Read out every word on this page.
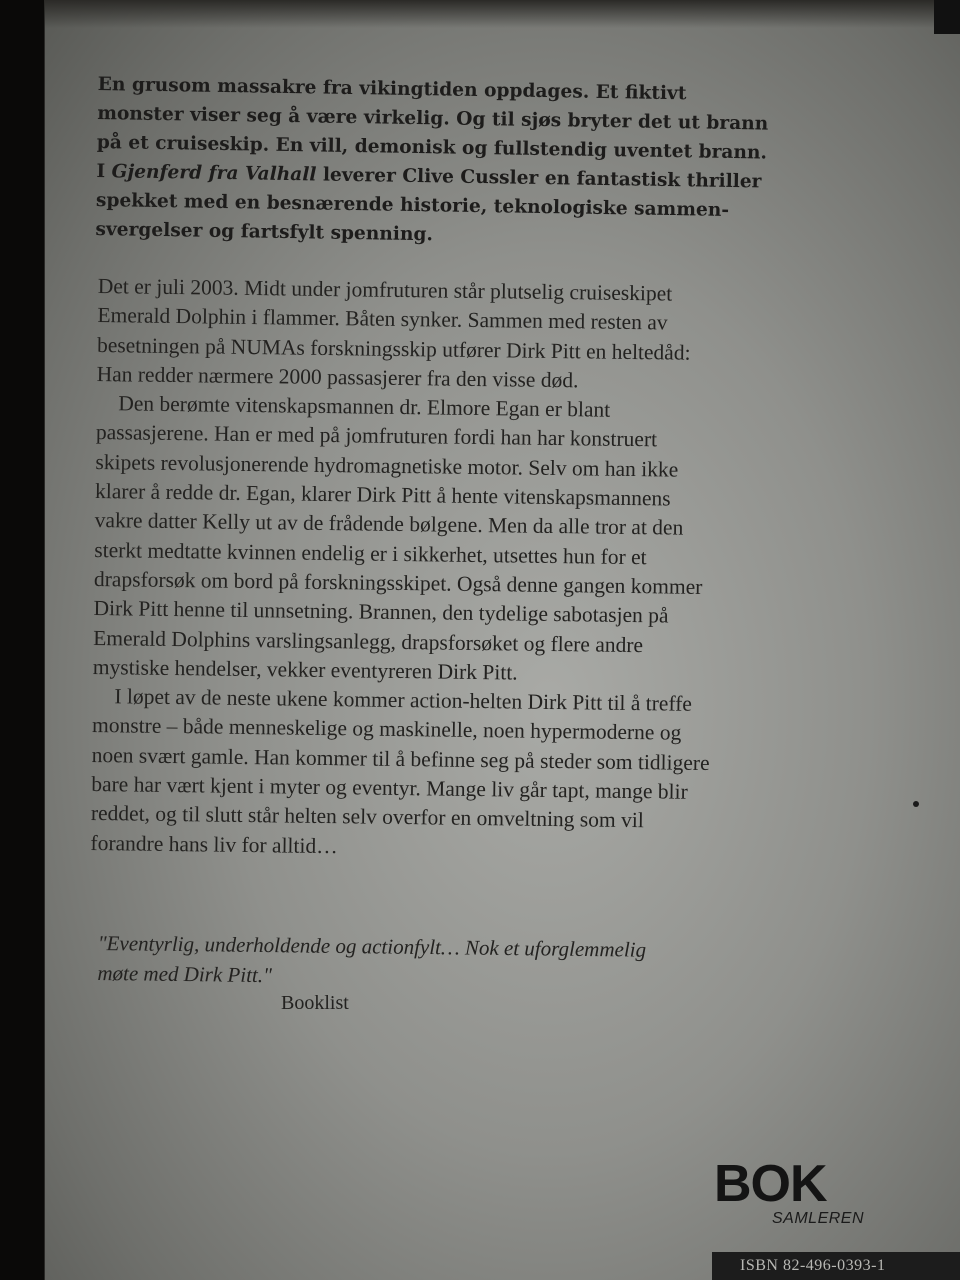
En grusom massakre fra vikingtiden oppdages. Et fiktivt
monster viser seg å være virkelig. Og til sjøs bryter det ut brann
på et cruiseskip. En vill, demonisk og fullstendig uventet brann.
I Gjenferd fra Valhall leverer Clive Cussler en fantastisk thriller
spekket med en besnærende historie, teknologiske sammen-
svergelser og fartsfylt spenning.

Det er juli 2003. Midt under jomfruturen står plutselig cruiseskipet
Emerald Dolphin i flammer. Båten synker. Sammen med resten av
besetningen på NUMAs forskningsskip utfører Dirk Pitt en heltedåd:
Han redder nærmere 2000 passasjerer fra den visse død.

Den berømte vitenskapsmannen dr. Elmore Egan er blant
passasjerene. Han er med på jomfruturen fordi han har konstruert
skipets revolusjonerende hydromagnetiske motor. Selv om han ikke
klarer å redde dr. Egan, klarer Dirk Pitt å hente vitenskapsmannens
vakre datter Kelly ut av de frådende bølgene. Men da alle tror at den
sterkt medtatte kvinnen endelig er i sikkerhet, utsettes hun for et
drapsforsøk om bord på forskningsskipet. Også denne gangen kommer
Dirk Pitt henne til unnsetning. Brannen, den tydelige sabotasjen på
Emerald Dolphins varslingsanlegg, drapsforsøket og flere andre
mystiske hendelser, vekker eventyreren Dirk Pitt.

I løpet av de neste ukene kommer action-helten Dirk Pitt til å treffe
monstre – både menneskelige og maskinelle, noen hypermoderne og
noen svært gamle. Han kommer til å befinne seg på steder som tidligere
bare har vært kjent i myter og eventyr. Mange liv går tapt, mange blir
reddet, og til slutt står helten selv overfor en omveltning som vil
forandre hans liv for alltid…

"Eventyrlig, underholdende og actionfylt… Nok et uforglemmelig
møte med Dirk Pitt."
Booklist
BOK
SAMLEREN
ISBN 82-496-0393-1
